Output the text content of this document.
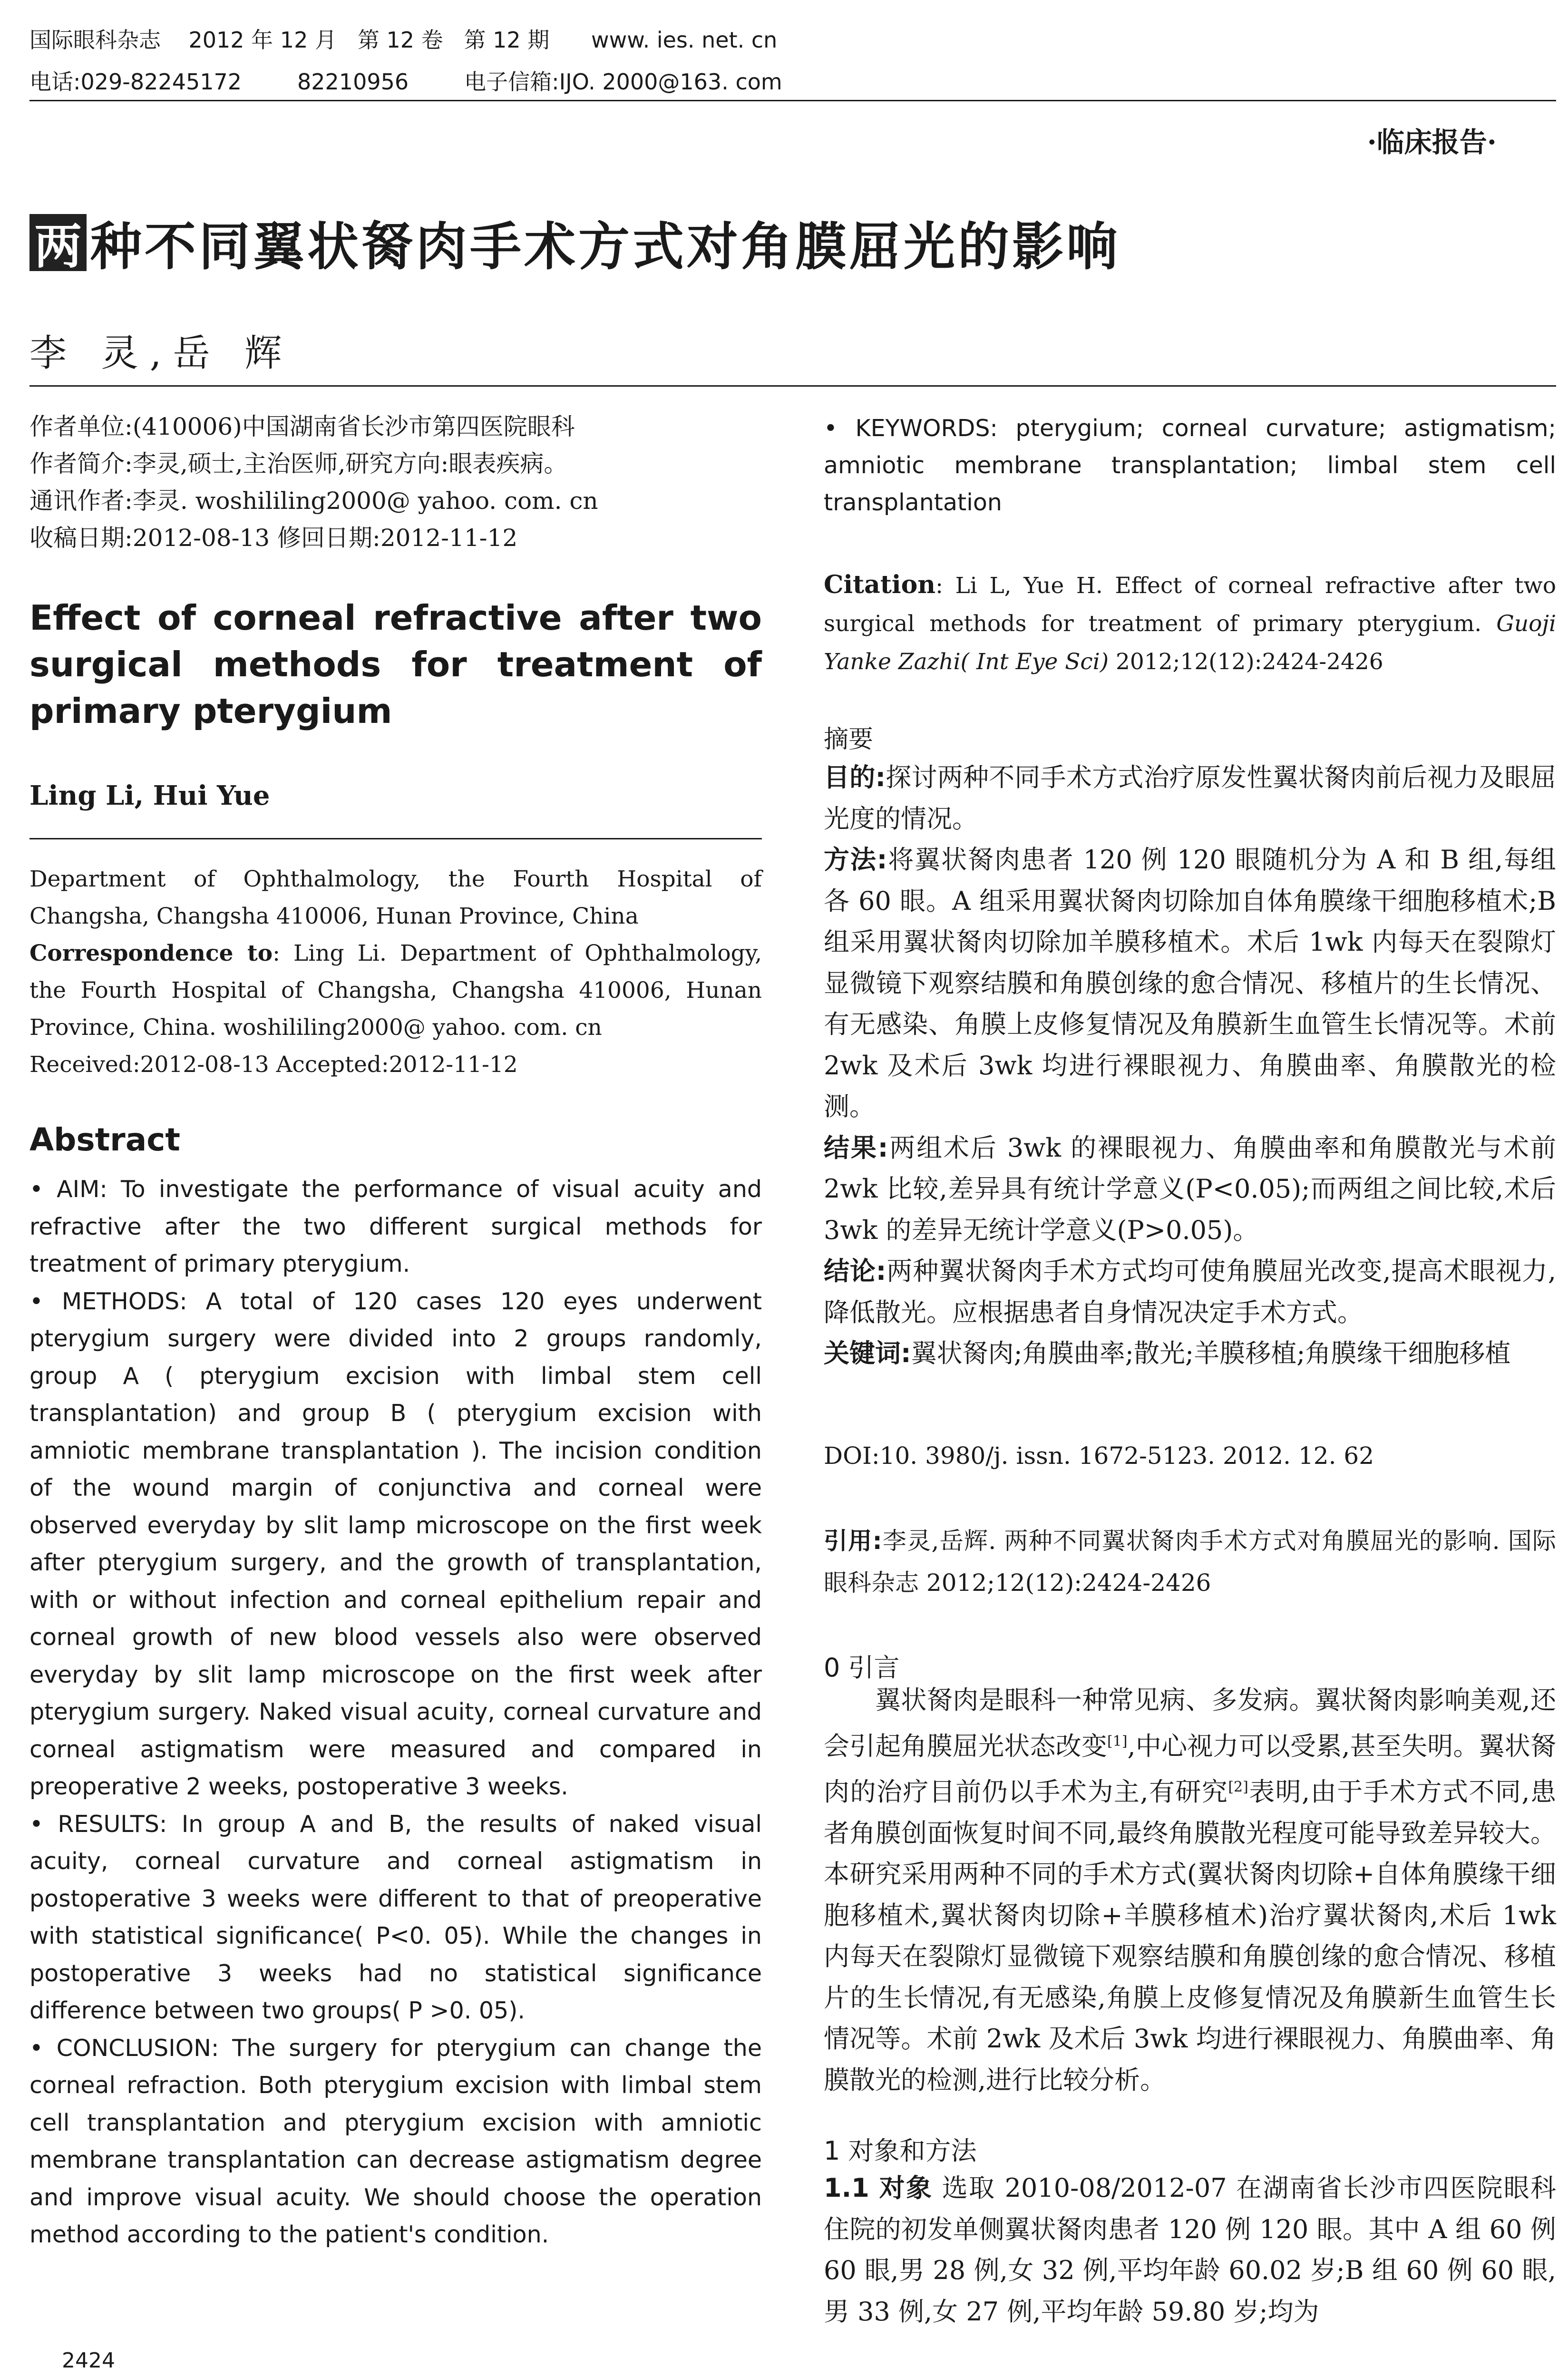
国际眼科杂志    2012 年 12 月   第 12 卷   第 12 期      www. ies. net. cn
电话:029-82245172        82210956        电子信箱:IJO. 2000@163. com
·临床报告·
两 种不同翼状胬肉手术方式对角膜屈光的影响
李 灵,岳 辉
作者单位:(410006)中国湖南省长沙市第四医院眼科
作者简介:李灵,硕士,主治医师,研究方向:眼表疾病。
通讯作者:李灵. woshililing2000@ yahoo. com. cn
收稿日期:2012-08-13 修回日期:2012-11-12
Effect of corneal refractive after two surgical methods for treatment of primary pterygium
Ling Li, Hui Yue
Department of Ophthalmology, the Fourth Hospital of Changsha, Changsha 410006, Hunan Province, China
Correspondence to: Ling Li. Department of Ophthalmology, the Fourth Hospital of Changsha, Changsha 410006, Hunan Province, China. woshililing2000@ yahoo. com. cn
Received:2012-08-13 Accepted:2012-11-12
Abstract

• AIM: To investigate the performance of visual acuity and refractive after the two different surgical methods for treatment of primary pterygium.

• METHODS: A total of 120 cases 120 eyes underwent pterygium surgery were divided into 2 groups randomly, group A ( pterygium excision with limbal stem cell transplantation) and group B ( pterygium excision with amniotic membrane transplantation ). The incision condition of the wound margin of conjunctiva and corneal were observed everyday by slit lamp microscope on the first week after pterygium surgery, and the growth of transplantation, with or without infection and corneal epithelium repair and corneal growth of new blood vessels also were observed everyday by slit lamp microscope on the first week after pterygium surgery. Naked visual acuity, corneal curvature and corneal astigmatism were measured and compared in preoperative 2 weeks, postoperative 3 weeks.

• RESULTS: In group A and B, the results of naked visual acuity, corneal curvature and corneal astigmatism in postoperative 3 weeks were different to that of preoperative with statistical significance( P<0. 05). While the changes in postoperative 3 weeks had no statistical significance difference between two groups( P >0. 05).

• CONCLUSION: The surgery for pterygium can change the corneal refraction. Both pterygium excision with limbal stem cell transplantation and pterygium excision with amniotic membrane transplantation can decrease astigmatism degree and improve visual acuity. We should choose the operation method according to the patient's condition.

2424
• KEYWORDS: pterygium; corneal curvature; astigmatism; amniotic membrane transplantation; limbal stem cell transplantation
Citation: Li L, Yue H. Effect of corneal refractive after two surgical methods for treatment of primary pterygium. Guoji Yanke Zazhi( Int Eye Sci) 2012;12(12):2424-2426
摘要

目的:探讨两种不同手术方式治疗原发性翼状胬肉前后视力及眼屈光度的情况。

方法:将翼状胬肉患者 120 例 120 眼随机分为 A 和 B 组,每组各 60 眼。A 组采用翼状胬肉切除加自体角膜缘干细胞移植术;B 组采用翼状胬肉切除加羊膜移植术。术后 1wk 内每天在裂隙灯显微镜下观察结膜和角膜创缘的愈合情况、移植片的生长情况、有无感染、角膜上皮修复情况及角膜新生血管生长情况等。术前 2wk 及术后 3wk 均进行裸眼视力、角膜曲率、角膜散光的检测。

结果:两组术后 3wk 的裸眼视力、角膜曲率和角膜散光与术前 2wk 比较,差异具有统计学意义(P<0.05);而两组之间比较,术后 3wk 的差异无统计学意义(P>0.05)。

结论:两种翼状胬肉手术方式均可使角膜屈光改变,提高术眼视力,降低散光。应根据患者自身情况决定手术方式。

关键词:翼状胬肉;角膜曲率;散光;羊膜移植;角膜缘干细胞移植

DOI:10. 3980/j. issn. 1672-5123. 2012. 12. 62
引用:李灵,岳辉. 两种不同翼状胬肉手术方式对角膜屈光的影响. 国际眼科杂志 2012;12(12):2424-2426
0 引言
翼状胬肉是眼科一种常见病、多发病。翼状胬肉影响美观,还会引起角膜屈光状态改变[1],中心视力可以受累,甚至失明。翼状胬肉的治疗目前仍以手术为主,有研究[2]表明,由于手术方式不同,患者角膜创面恢复时间不同,最终角膜散光程度可能导致差异较大。本研究采用两种不同的手术方式(翼状胬肉切除+自体角膜缘干细胞移植术,翼状胬肉切除+羊膜移植术)治疗翼状胬肉,术后 1wk 内每天在裂隙灯显微镜下观察结膜和角膜创缘的愈合情况、移植片的生长情况,有无感染,角膜上皮修复情况及角膜新生血管生长情况等。术前 2wk 及术后 3wk 均进行裸眼视力、角膜曲率、角膜散光的检测,进行比较分析。
1 对象和方法
1.1 对象 选取 2010-08/2012-07 在湖南省长沙市四医院眼科住院的初发单侧翼状胬肉患者 120 例 120 眼。其中 A 组 60 例 60 眼,男 28 例,女 32 例,平均年龄 60.02 岁;B 组 60 例 60 眼,男 33 例,女 27 例,平均年龄 59.80 岁;均为
